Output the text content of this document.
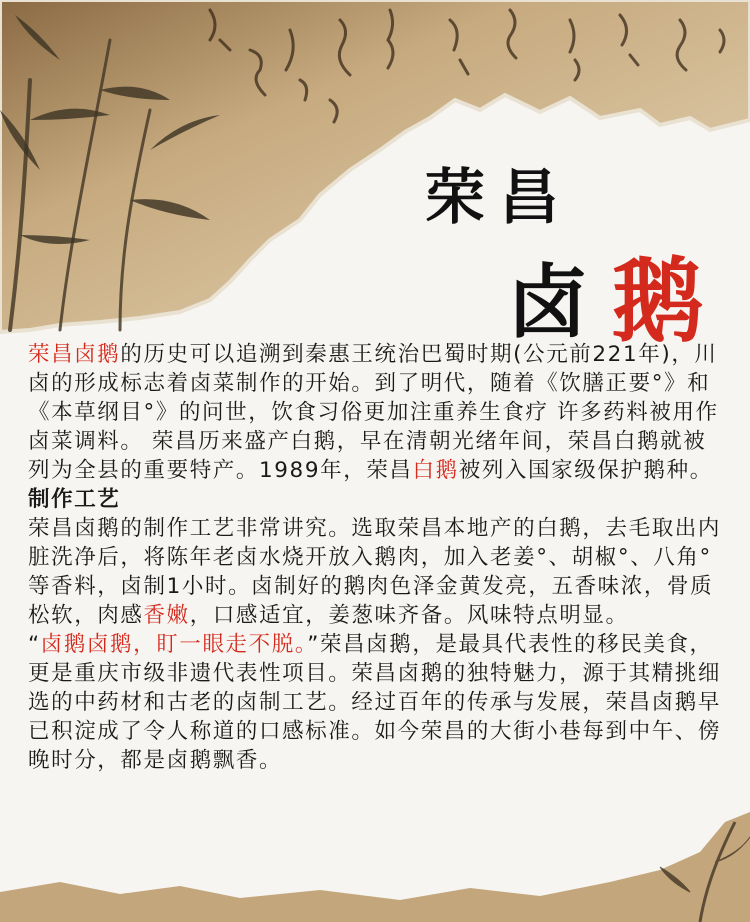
荣昌
卤 鹅

荣昌卤鹅的历史可以追溯到秦惠王统治巴蜀时期(公元前221年)，川卤的形成标志着卤菜制作的开始。到了明代，随着《饮膳正要°》和《本草纲目°》的问世，饮食习俗更加注重养生食疗 许多药料被用作卤菜调料。 荣昌历来盛产白鹅，早在清朝光绪年间，荣昌白鹅就被列为全县的重要特产。1989年，荣昌白鹅被列入国家级保护鹅种。

制作工艺

荣昌卤鹅的制作工艺非常讲究。选取荣昌本地产的白鹅，去毛取出内脏洗净后，将陈年老卤水烧开放入鹅肉，加入老姜°、胡椒°、八角°等香料，卤制1小时。卤制好的鹅肉色泽金黄发亮，五香味浓，骨质松软，肉感香嫩，口感适宜，姜葱味齐备。风味特点明显。

“卤鹅卤鹅，盯一眼走不脱。”荣昌卤鹅，是最具代表性的移民美食，更是重庆市级非遗代表性项目。荣昌卤鹅的独特魅力，源于其精挑细选的中药材和古老的卤制工艺。经过百年的传承与发展，荣昌卤鹅早已积淀成了令人称道的口感标准。如今荣昌的大街小巷每到中午、傍晚时分，都是卤鹅飘香。
